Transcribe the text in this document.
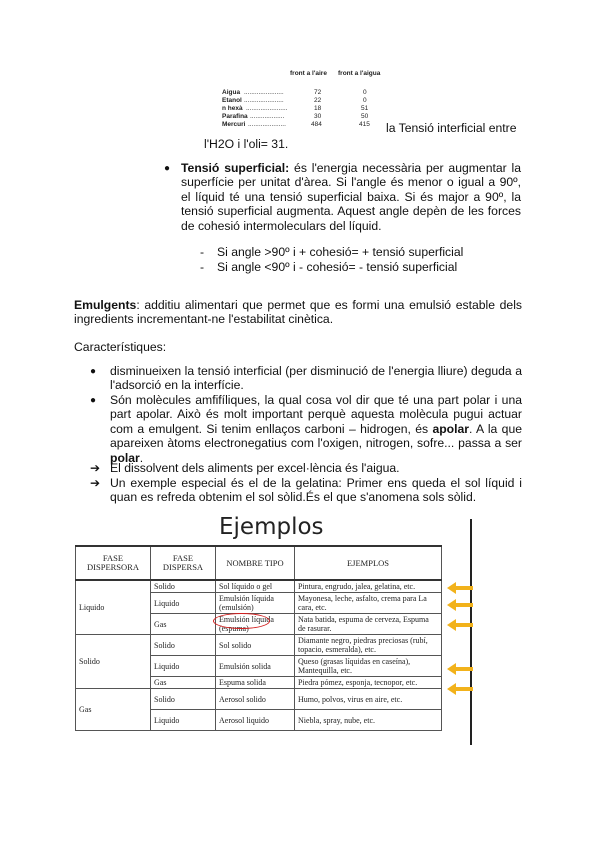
front a l'aire front a l'aigua
Aigua ......................	72	0
Etanol ......................	22	0
n hexà .......................	18	51
Parafina ...................	30	50
Mercuri .....................	484	415 la Tensió interficial entre
l'H2O i l'oli= 31.
● Tensió superficial: és l'energia necessària per augmentar la superfície per unitat d'àrea. Si l'angle és menor o igual a 90º, el líquid té una tensió superficial baixa. Si és major a 90º, la tensió superficial augmenta. Aquest angle depèn de les forces de cohesió intermoleculars del líquid.
- Si angle >90º i + cohesió= + tensió superficial
- Si angle <90º i - cohesió= - tensió superficial
Emulgents: additiu alimentari que permet que es formi una emulsió estable dels ingredients incrementant-ne l'estabilitat cinètica.
Característiques:
● disminueixen la tensió interficial (per disminució de l'energia lliure) deguda a l'adsorció en la interfície.
● Són molècules amfifíliques, la qual cosa vol dir que té una part polar i una part apolar. Això és molt important perquè aquesta molècula pugui actuar com a emulgent. Si tenim enllaços carboni – hidrogen, és apolar. A la que apareixen àtoms electronegatius com l'oxigen, nitrogen, sofre... passa a ser polar.
➔ El dissolvent dels aliments per excel·lència és l'aigua.
➔ Un exemple especial és el de la gelatina: Primer ens queda el sol líquid i quan es refreda obtenim el sol sòlid.És el que s'anomena sols sòlid.
Ejemplos
FASE DISPERSORA	FASE DISPERSA	NOMBRE TIPO	EJEMPLOS
Liquido	Solido	Sol líquido o gel	Pintura, engrudo, jalea, gelatina, etc.
	Liquido	Emulsión líquida (emulsión)	Mayonesa, leche, asfalto, crema para La cara, etc.
	Gas	Emulsión líquida (espuma)	Nata batida, espuma de cerveza, Espuma de rasurar.
Solido	Solido	Sol solido	Diamante negro, piedras preciosas (rubí, topacio, esmeralda), etc.
	Liquido	Emulsión solida	Queso (grasas líquidas en caseína), Mantequilla, etc.
	Gas	Espuma solida	Piedra pómez, esponja, tecnopor, etc.
Gas	Solido	Aerosol solido	Humo, polvos, virus en aire, etc.
	Liquido	Aerosol liquido	Niebla, spray, nube, etc.
